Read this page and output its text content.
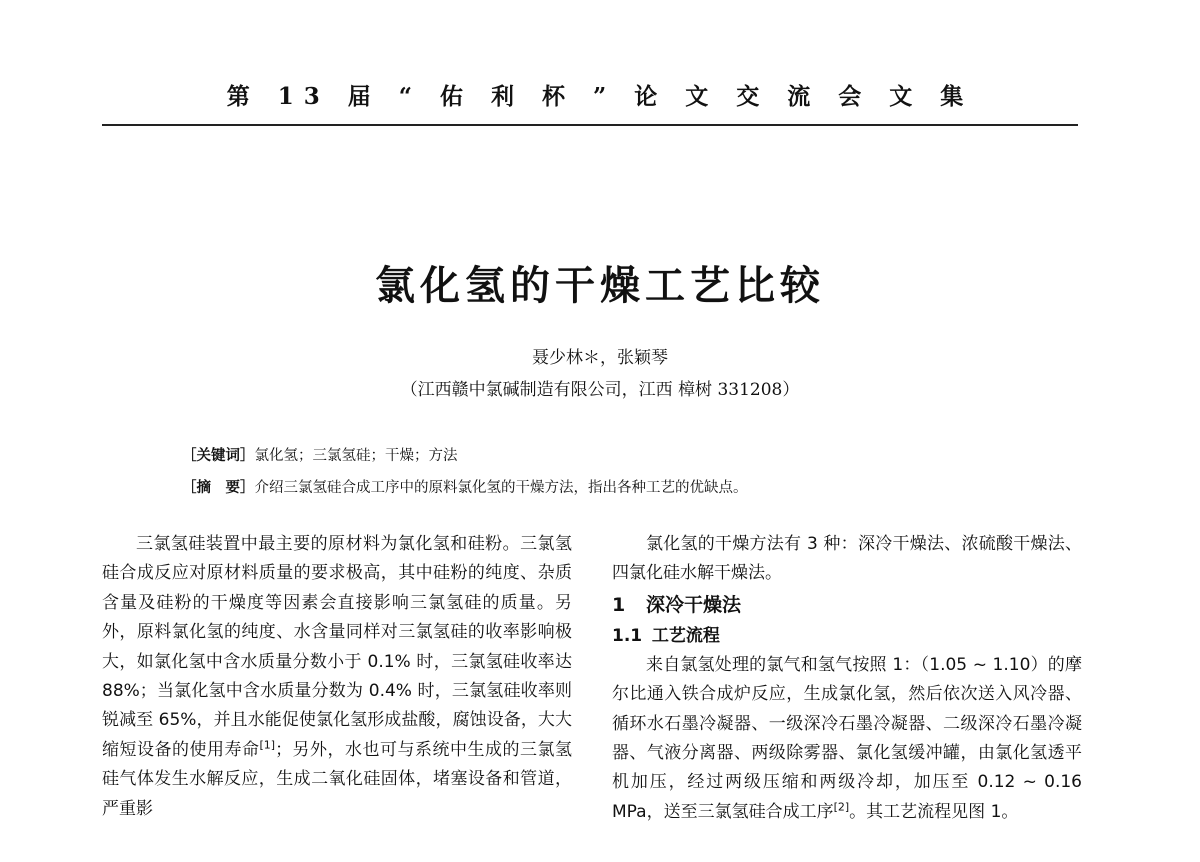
第 13 届 “ 佑 利 杯 ” 论 文 交 流 会 文 集
氯化氢的干燥工艺比较
聂少林＊，张颖琴
（江西赣中氯碱制造有限公司，江西 樟树 331208）
［关键词］氯化氢；三氯氢硅；干燥；方法
［摘　要］介绍三氯氢硅合成工序中的原料氯化氢的干燥方法，指出各种工艺的优缺点。

三氯氢硅装置中最主要的原材料为氯化氢和硅粉。三氯氢硅合成反应对原材料质量的要求极高，其中硅粉的纯度、杂质含量及硅粉的干燥度等因素会直接影响三氯氢硅的质量。另外，原料氯化氢的纯度、水含量同样对三氯氢硅的收率影响极大，如氯化氢中含水质量分数小于 0.1% 时，三氯氢硅收率达 88%；当氯化氢中含水质量分数为 0.4% 时，三氯氢硅收率则锐减至 65%，并且水能促使氯化氢形成盐酸，腐蚀设备，大大缩短设备的使用寿命[1]；另外，水也可与系统中生成的三氯氢硅气体发生水解反应，生成二氧化硅固体，堵塞设备和管道，严重影

氯化氢的干燥方法有 3 种：深冷干燥法、浓硫酸干燥法、四氯化硅水解干燥法。

1 深冷干燥法
1.1 工艺流程

来自氯氢处理的氯气和氢气按照 1：（1.05 ~ 1.10）的摩尔比通入铁合成炉反应，生成氯化氢，然后依次送入风冷器、循环水石墨冷凝器、一级深冷石墨冷凝器、二级深冷石墨冷凝器、气液分离器、两级除雾器、氯化氢缓冲罐，由氯化氢透平机加压，经过两级压缩和两级冷却，加压至 0.12 ~ 0.16 MPa，送至三氯氢硅合成工序[2]。其工艺流程见图 1。
